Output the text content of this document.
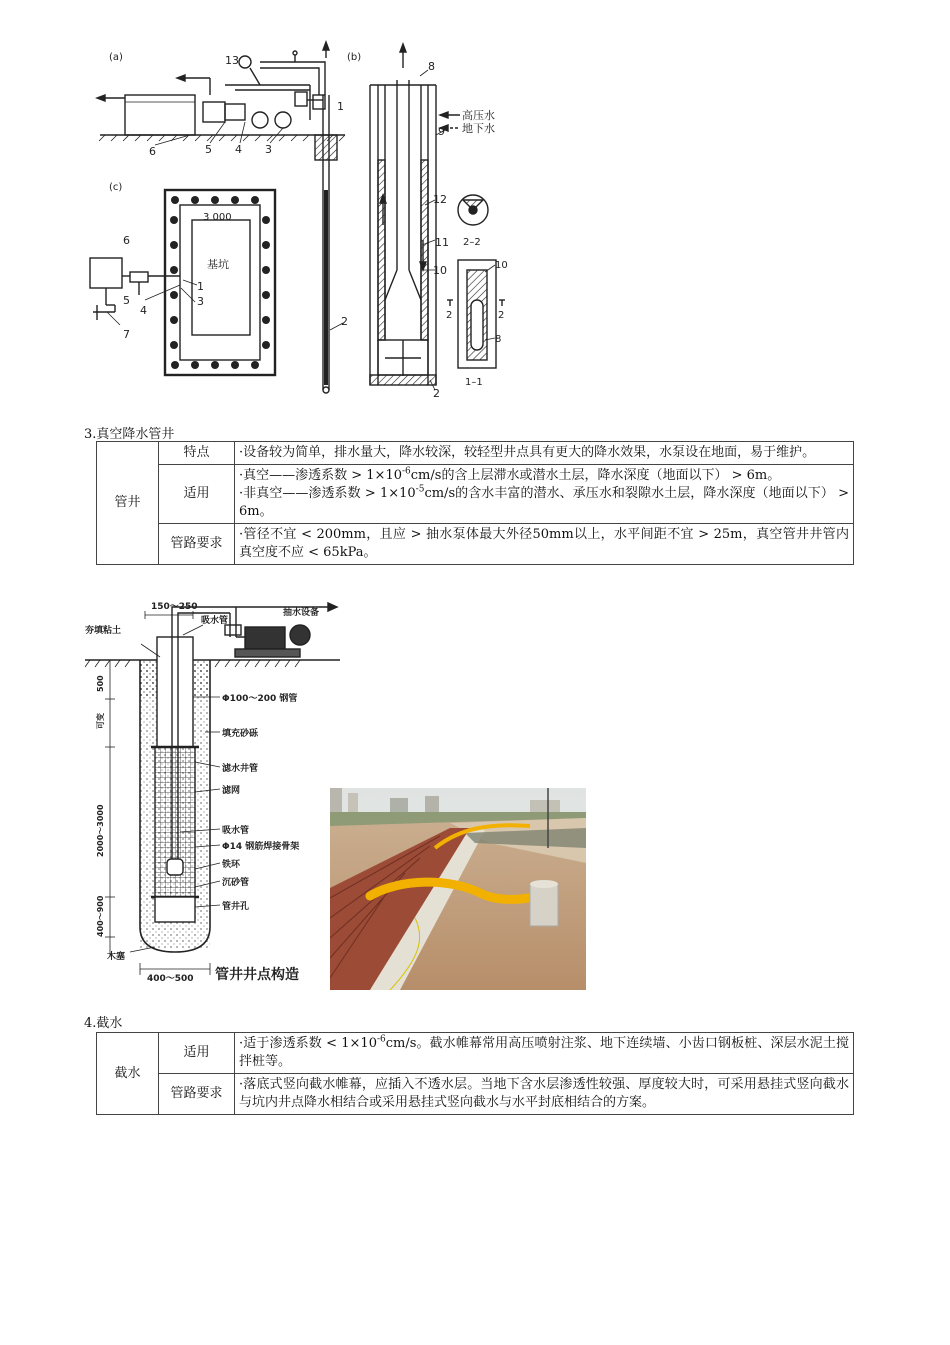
(a)	13
1
6	5 4 3
2
(c)
3 000
基坑
6
1
5
4
3
7
(b)
8
9
12
11
10
2
高压水
地下水
2–2
2	2
10
8
1–1
3.真空降水管井
管井	特点	·设备较为简单，排水量大，降水较深，较轻型井点具有更大的降水效果，水泵设在地面，易于维护。
	适用	·真空——渗透系数 > $1\times 10^{-6}cm/s$的含上层滞水或潜水土层，降水深度（地面以下） > 6m。
·非真空——渗透系数 > $1\times 10^{-5}cm/s$的含水丰富的潜水、承压水和裂隙水土层，降水深度（地面以下） > 6m。

	管路要求	·管径不宜 < 200mm，且应 > 抽水泵体最大外径50mm以上，水平间距不宜 > 25m，真空管井井管内真空度不应 < 65kPa。
150～250
吸水管
抽水设备
夯填粘土
Φ100～200 钢管
填充砂砾
滤水井管
滤网
吸水管
Φ14 钢筋焊接骨架
铁环
沉砂管
管井孔
木塞
400～500 管井井点构造
500
可变
2000～3000
400～900
4.截水
截水	适用	·适于渗透系数 < $1\times 10^{-6}cm/s$。截水帷幕常用高压喷射注浆、地下连续墙、小齿口钢板桩、深层水泥土搅拌桩等。
	管路要求	·落底式竖向截水帷幕，应插入不透水层。当地下含水层渗透性较强、厚度较大时，可采用悬挂式竖向截水与坑内井点降水相结合或采用悬挂式竖向截水与水平封底相结合的方案。
